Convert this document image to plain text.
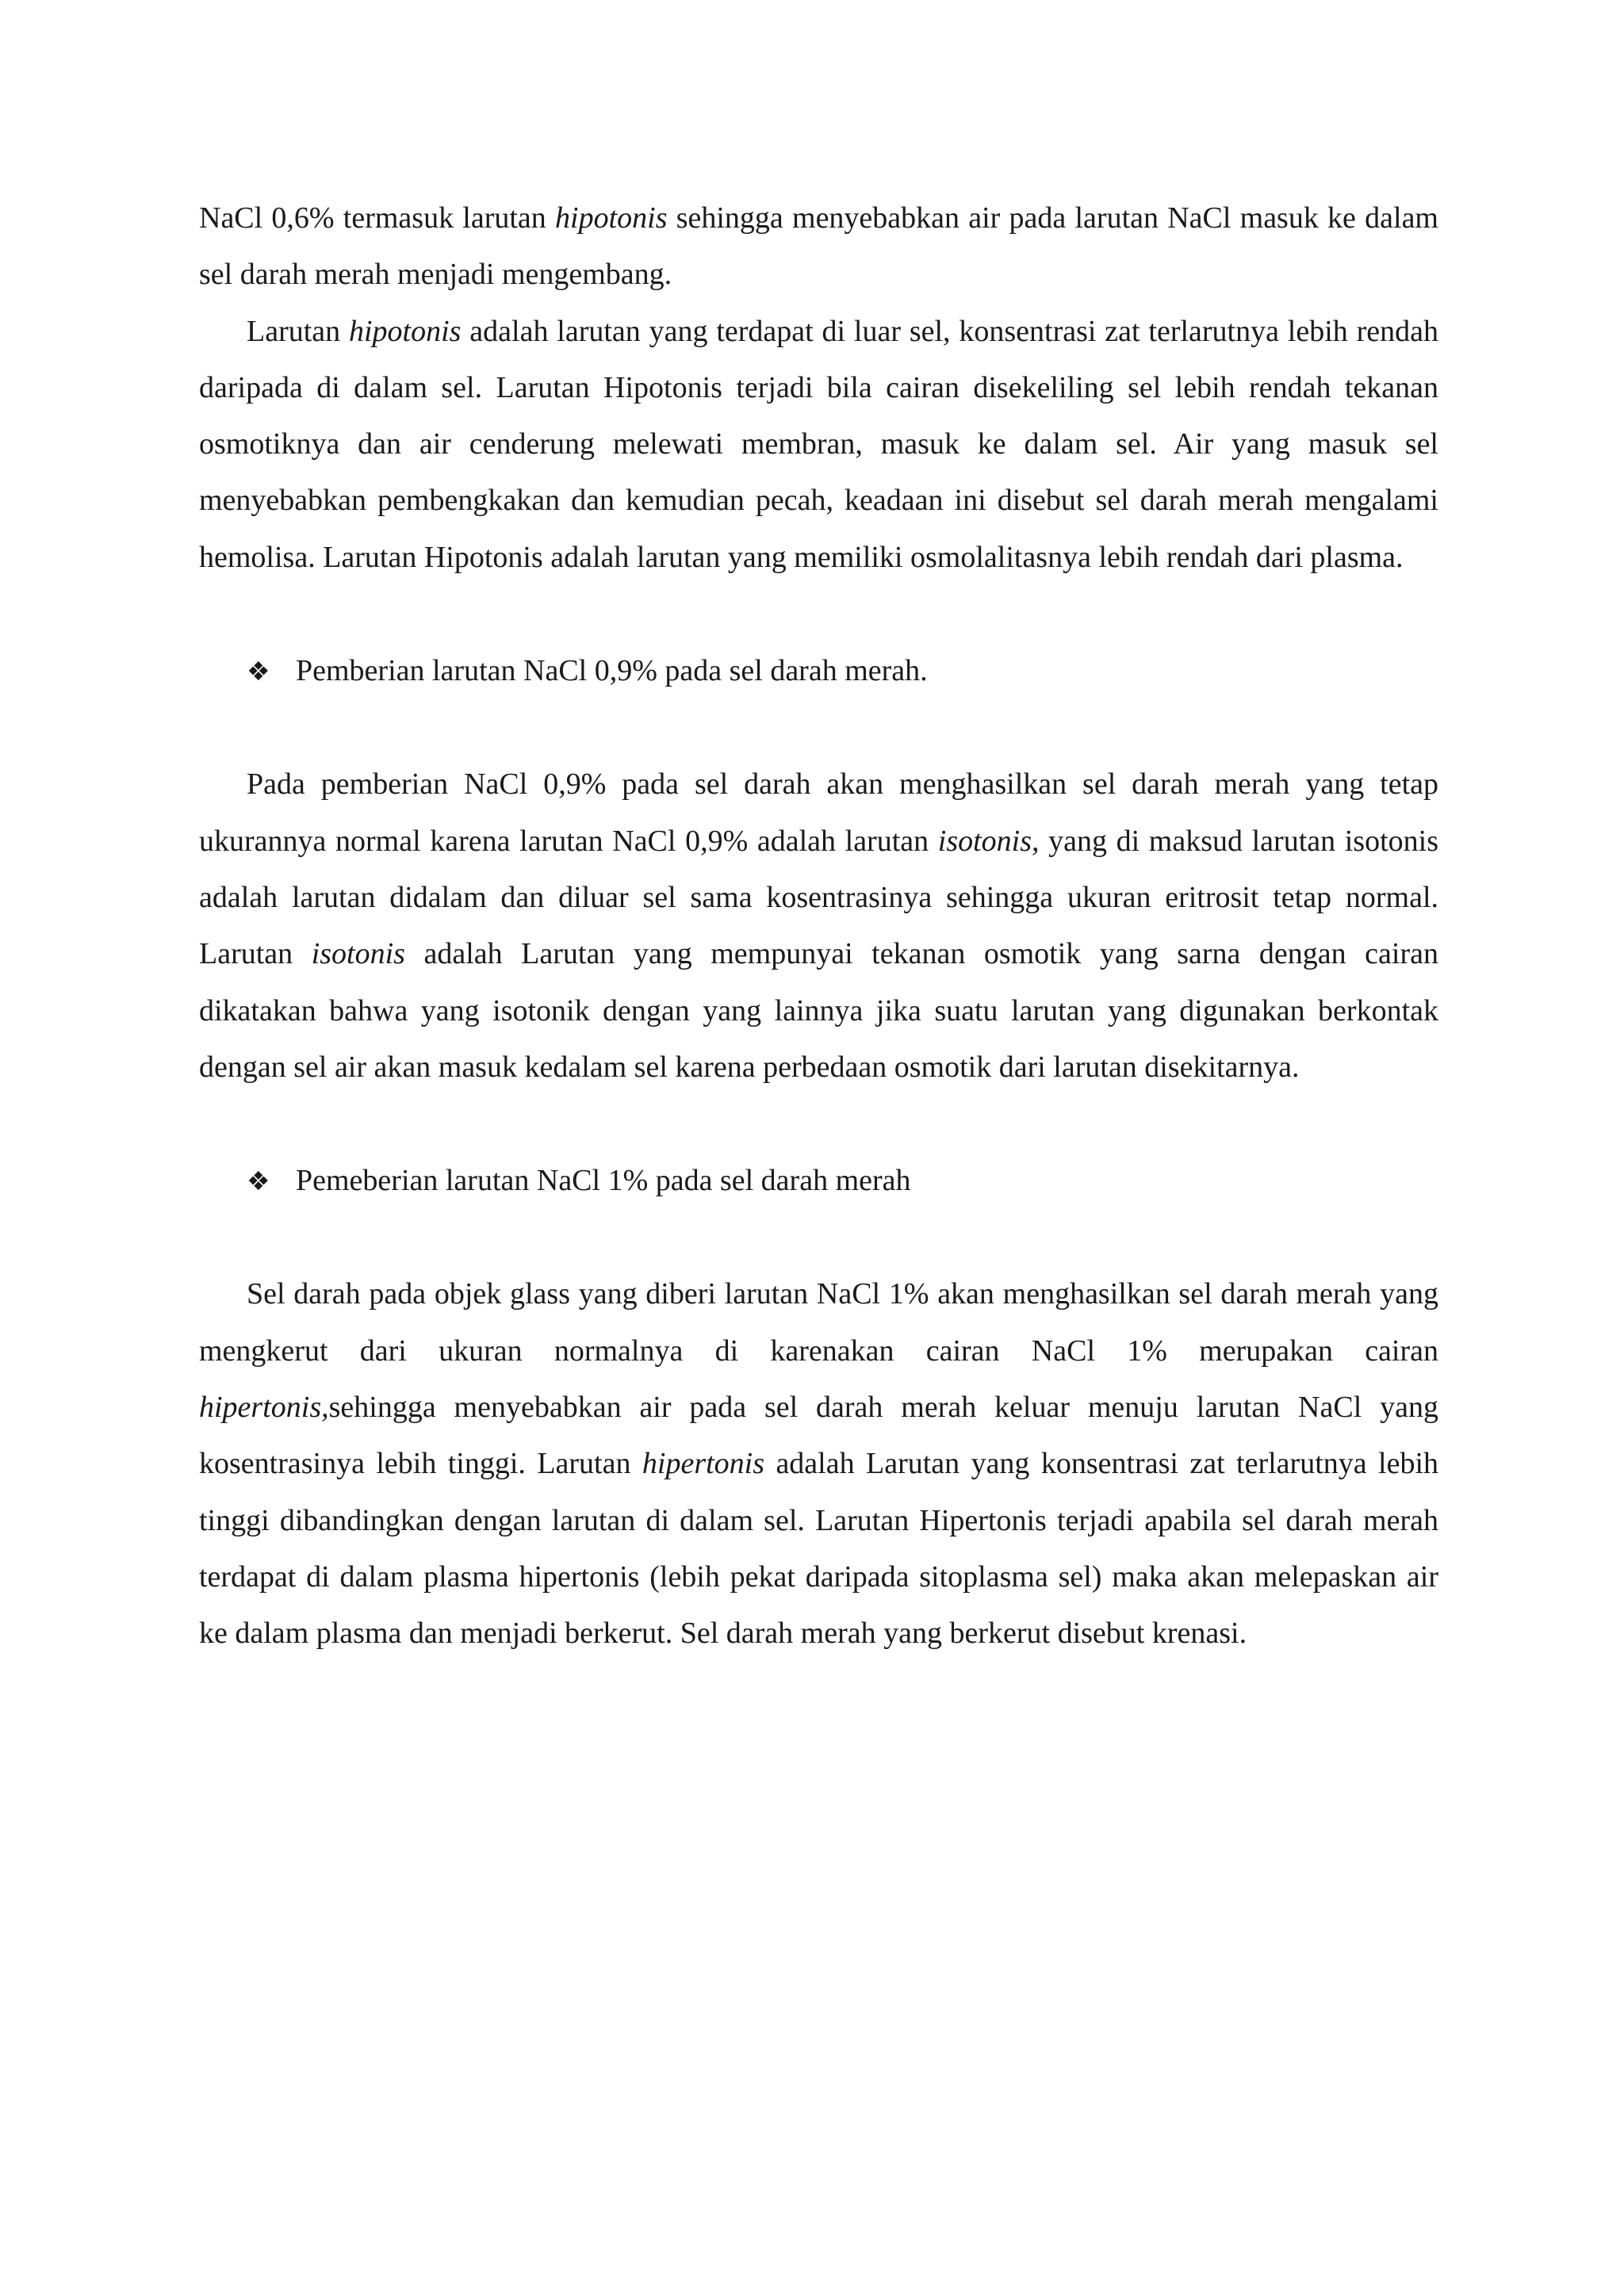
NaCl 0,6% termasuk larutan hipotonis sehingga menyebabkan air pada larutan NaCl masuk ke dalam sel darah merah menjadi mengembang.

Larutan hipotonis adalah larutan yang terdapat di luar sel, konsentrasi zat terlarutnya lebih rendah daripada di dalam sel. Larutan Hipotonis terjadi bila cairan disekeliling sel lebih rendah tekanan osmotiknya dan air cenderung melewati membran, masuk ke dalam sel. Air yang masuk sel menyebabkan pembengkakan dan kemudian pecah, keadaan ini disebut sel darah merah mengalami hemolisa. Larutan Hipotonis adalah larutan yang memiliki osmolalitasnya lebih rendah dari plasma.

❖ Pemberian larutan NaCl 0,9% pada sel darah merah.

Pada pemberian NaCl 0,9% pada sel darah akan menghasilkan sel darah merah yang tetap ukurannya normal karena larutan NaCl 0,9% adalah larutan isotonis, yang di maksud larutan isotonis adalah larutan didalam dan diluar sel sama kosentrasinya sehingga ukuran eritrosit tetap normal. Larutan isotonis adalah Larutan yang mempunyai tekanan osmotik yang sarna dengan cairan dikatakan bahwa yang isotonik dengan yang lainnya jika suatu larutan yang digunakan berkontak dengan sel air akan masuk kedalam sel karena perbedaan osmotik dari larutan disekitarnya.

❖ Pemeberian larutan NaCl 1% pada sel darah merah

Sel darah pada objek glass yang diberi larutan NaCl 1% akan menghasilkan sel darah merah yang mengkerut dari ukuran normalnya di karenakan cairan NaCl 1% merupakan cairan hipertonis,sehingga menyebabkan air pada sel darah merah keluar menuju larutan NaCl yang kosentrasinya lebih tinggi. Larutan hipertonis adalah Larutan yang konsentrasi zat terlarutnya lebih tinggi dibandingkan dengan larutan di dalam sel. Larutan Hipertonis terjadi apabila sel darah merah terdapat di dalam plasma hipertonis (lebih pekat daripada sitoplasma sel) maka akan melepaskan air ke dalam plasma dan menjadi berkerut. Sel darah merah yang berkerut disebut krenasi.
